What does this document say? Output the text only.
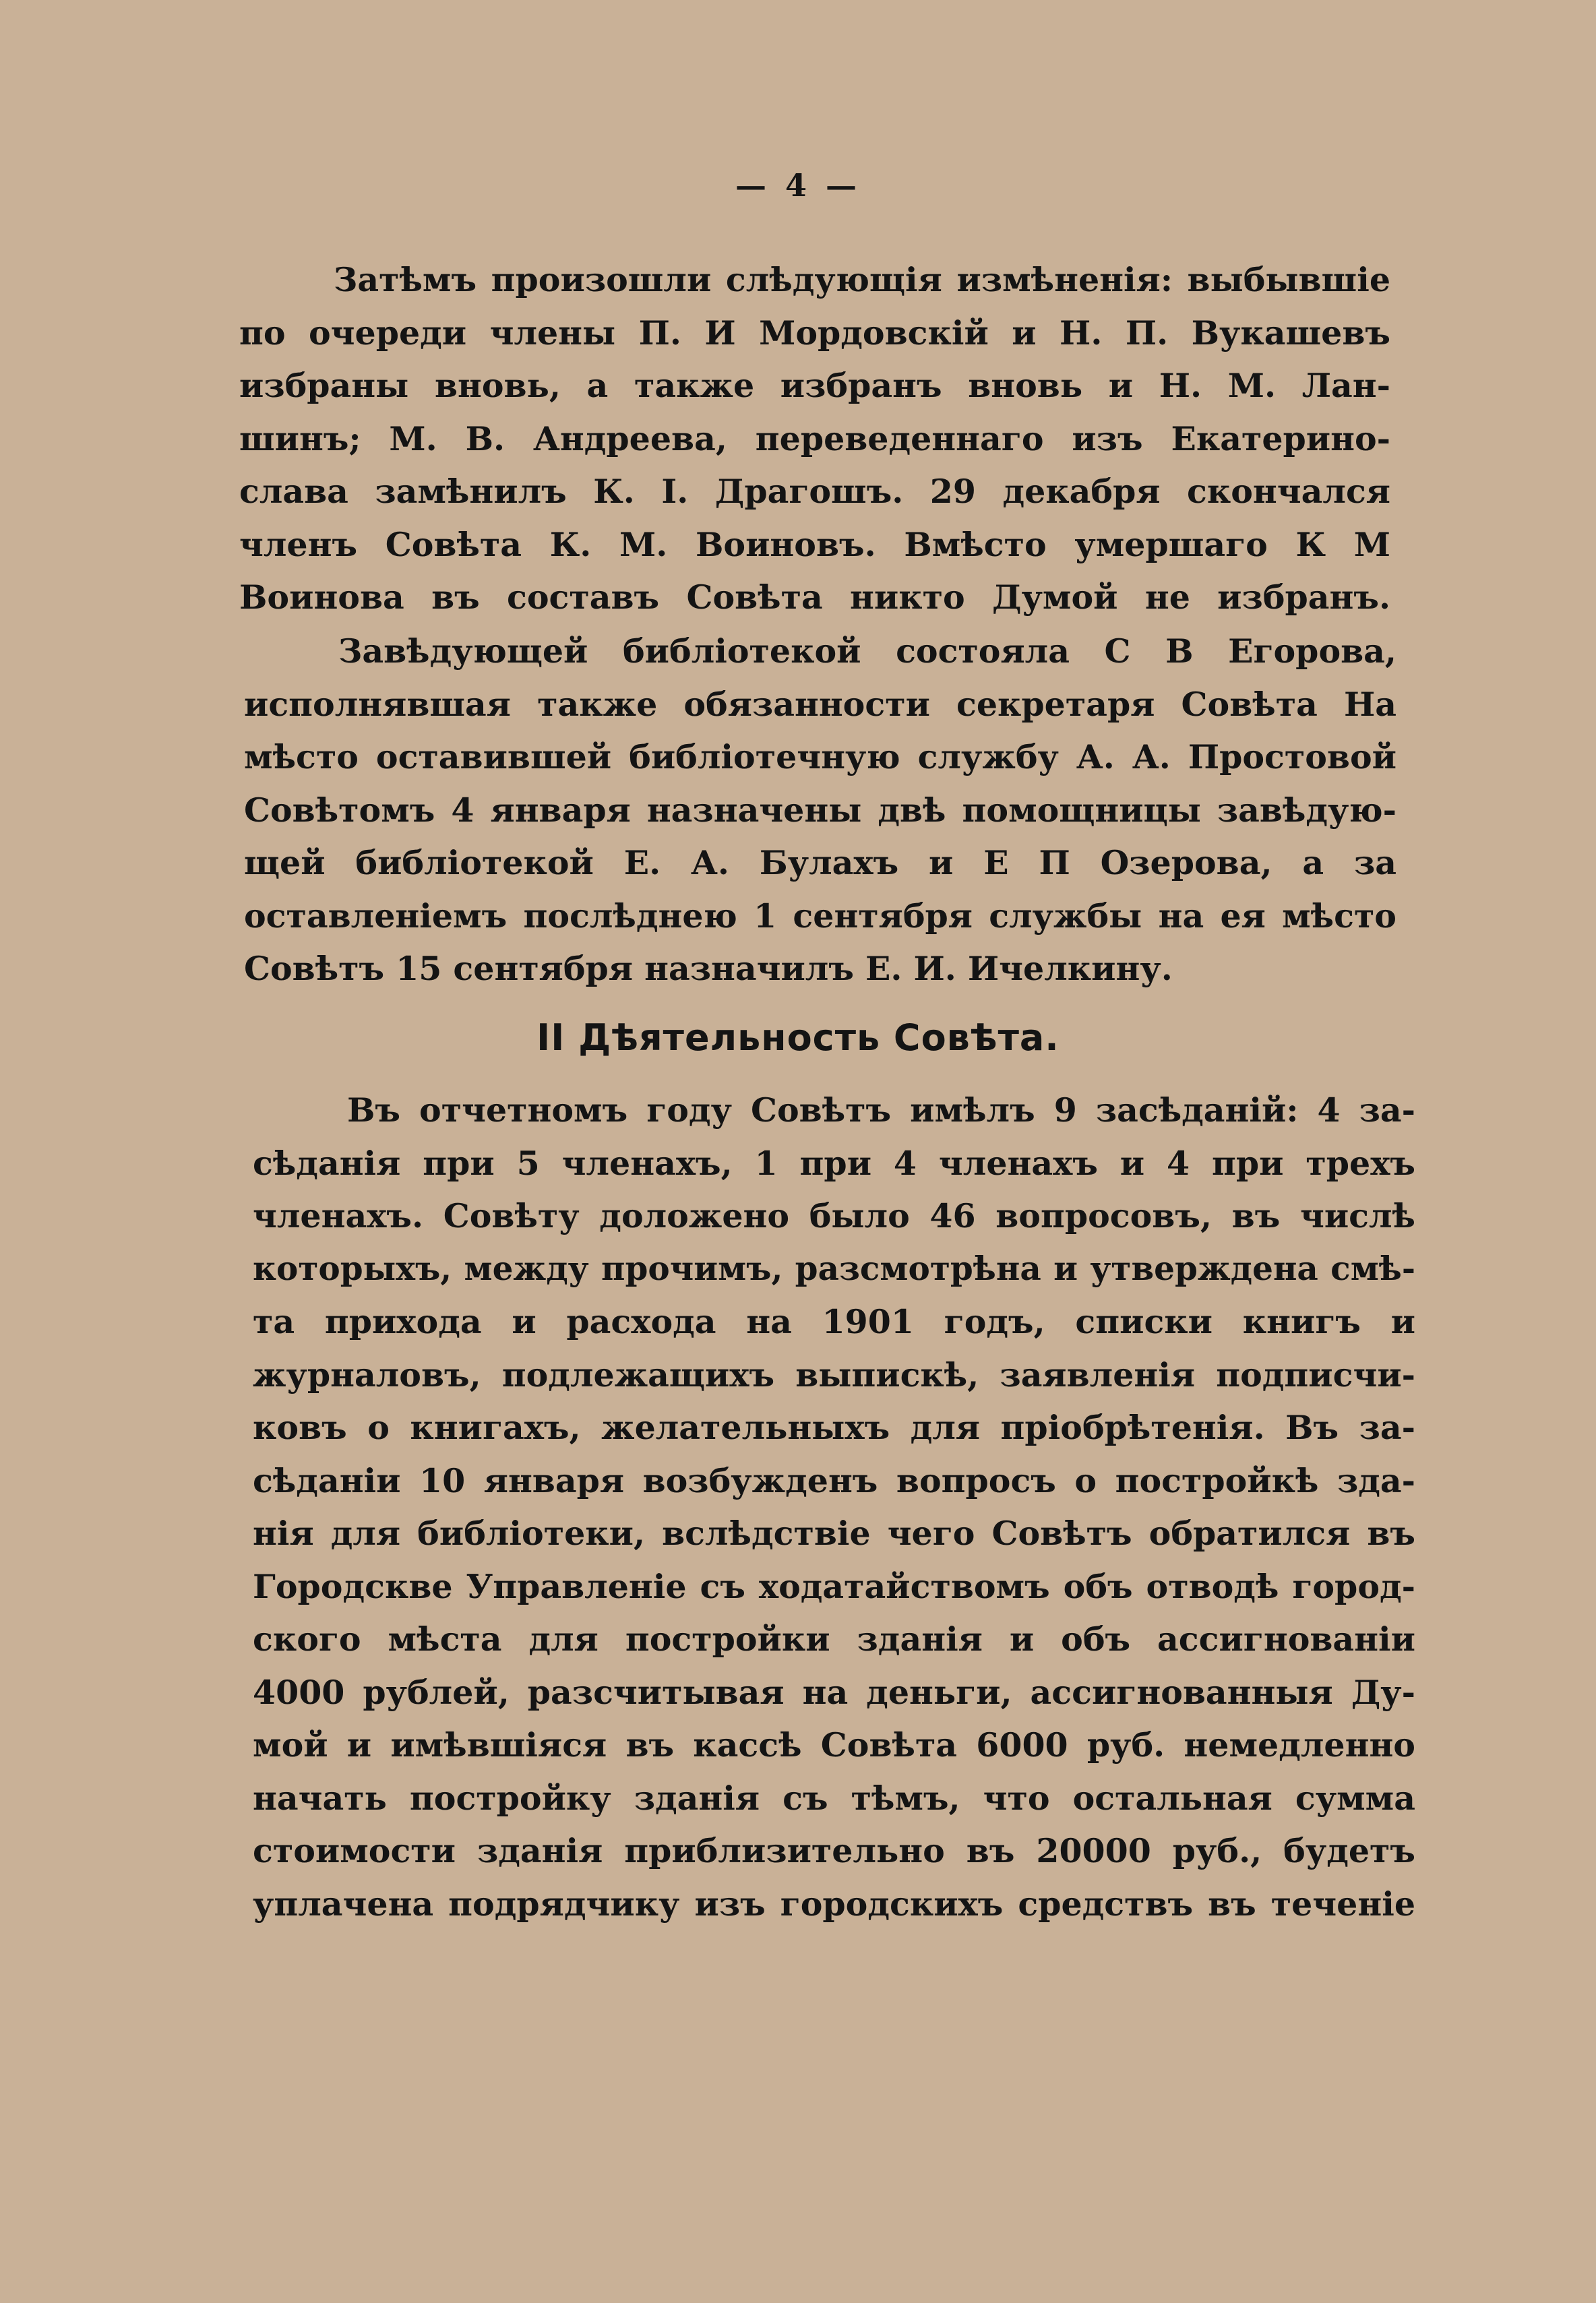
— 4 —
Затѣмъ произошли слѣдующія измѣненія: выбывшіе
по очереди члены П. И Мордовскій и Н. П. Вукашевъ
избраны вновь, а также избранъ вновь и Н. М. Лан-
шинъ; М. В. Андреева, переведеннаго изъ Екатерино-
слава замѣнилъ К. І. Драгошъ. 29 декабря скончался
членъ Совѣта К. М. Воиновъ. Вмѣсто умершаго К М
Воинова въ составъ Совѣта никто Думой не избранъ.
Завѣдующей библіотекой состояла С В Егорова,
исполнявшая также обязанности секретаря Совѣта На
мѣсто оставившей библіотечную службу А. А. Простовой
Совѣтомъ 4 января назначены двѣ помощницы завѣдую-
щей библіотекой Е. А. Булахъ и Е П Озерова, а за
оставленіемъ послѣднею 1 сентября службы на ея мѣсто
Совѣтъ 15 сентября назначилъ Е. И. Ичелкину.
II Дѣятельность Совѣта.
Въ отчетномъ году Совѣтъ имѣлъ 9 засѣданій: 4 за-
сѣданія при 5 членахъ, 1 при 4 членахъ и 4 при трехъ
членахъ. Совѣту доложено было 46 вопросовъ, въ числѣ
которыхъ, между прочимъ, разсмотрѣна и утверждена смѣ-
та прихода и расхода на 1901 годъ, списки книгъ и
журналовъ, подлежащихъ выпискѣ, заявленія подписчи-
ковъ о книгахъ, желательныхъ для пріобрѣтенія. Въ за-
сѣданіи 10 января возбужденъ вопросъ о постройкѣ зда-
нія для библіотеки, вслѣдствіе чего Совѣтъ обратился въ
Городскве Управленіе съ ходатайствомъ объ отводѣ город-
ского мѣста для постройки зданія и объ ассигнованіи
4000 рублей, разсчитывая на деньги, ассигнованныя Ду-
мой и имѣвшіяся въ кассѣ Совѣта 6000 руб. немедленно
начать постройку зданія съ тѣмъ, что остальная сумма
стоимости зданія приблизительно въ 20000 руб., будетъ
уплачена подрядчику изъ городскихъ средствъ въ теченіе
